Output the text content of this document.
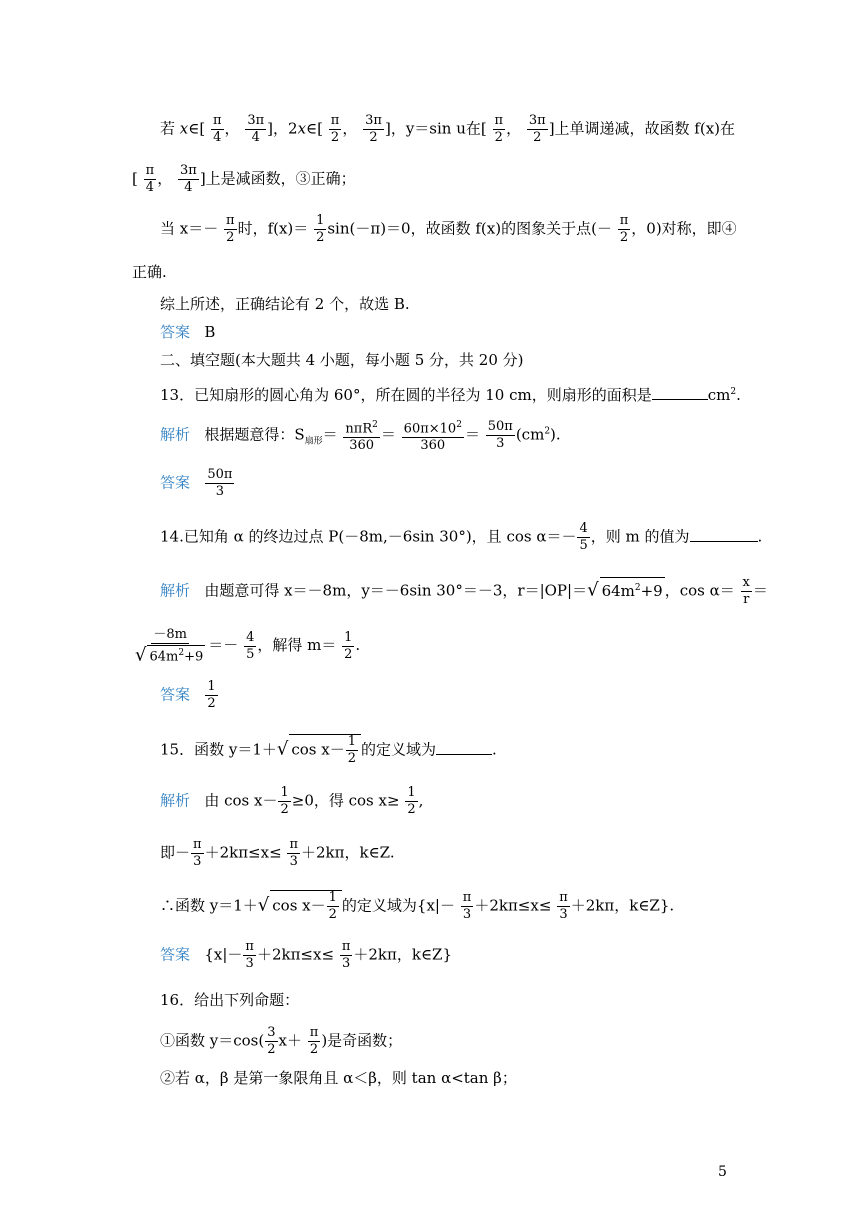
若 x∈[ $\frac{\pi}{4}$ ， $\frac{3\pi}{4}$ ]，2x∈[ $\frac{\pi}{2}$ ， $\frac{3\pi}{2}$ ]，y＝sin u在[ $\frac{\pi}{2}$ ， $\frac{3\pi}{2}$ ]上单调递减，故函数 f(x)在
[ $\frac{\pi}{4}$ ， $\frac{3\pi}{4}$ ]上是减函数，③正确；
当 $x=- \frac{\pi}{2}$ 时，$f(x)= \frac{1}{2} \sin(-\pi)=0$，故函数 f(x)的图象关于点(－ $\frac{\pi}{2}$ ，0)对称，即④
正确.
综上所述，正确结论有 2 个，故选 B.
答案 B
二、填空题(本大题共 4 小题，每小题 5 分，共 20 分)
13．已知扇形的圆心角为 60°，所在圆的半径为 10 cm，则扇形的面积是	$cm^2$.
解析 根据题意得：$S_{扇形}= \frac{n\pi R^2}{360} = \frac{60\pi\times 10^2}{360} = \frac{50\pi}{3} (cm^2)$.
答案 $\frac{50\pi}{3}$
14.已知角 α 的终边过点 P(－8m,－6sin 30°)，且 $\cos \alpha=- \frac{4}{5}$ ，则 m 的值为	.
解析 由题意可得 x＝－8m，y＝－6sin 30°＝－3，r＝|OP|＝√ $64m^2+9$ ，$\cos \alpha= \frac{x}{r}$ ＝
$\frac{-8m}{√ 64m^2+9} =- \frac{4}{5}$ ，解得 $m= \frac{1}{2}$ .
答案 $\frac{1}{2}$
15．函数 y＝1＋√ $\cos x- \frac{1}{2}$ 的定义域为	.
解析 由 $\cos x- \frac{1}{2} \ge 0$，得 $\cos x\ge \frac{1}{2}$ ,
即－ $\frac{\pi}{3} +2k\pi\le x\le \frac{\pi}{3} +2k\pi$，k∈Z.
∴函数 y＝1＋√ $\cos x- \frac{1}{2}$ 的定义域为{$x|- \frac{\pi}{3} +2k\pi\le x\le \frac{\pi}{3} +2k\pi$，k∈Z}.
答案 {$x|- \frac{\pi}{3} +2k\pi\le x\le \frac{\pi}{3} +2k\pi$，k∈Z}
16．给出下列命题：
①函数 $y=\cos( \frac{3}{2} x+ \frac{\pi}{2}$ )是奇函数；
②若 α，β 是第一象限角且 α＜β，则 tan α<tan β；
5
